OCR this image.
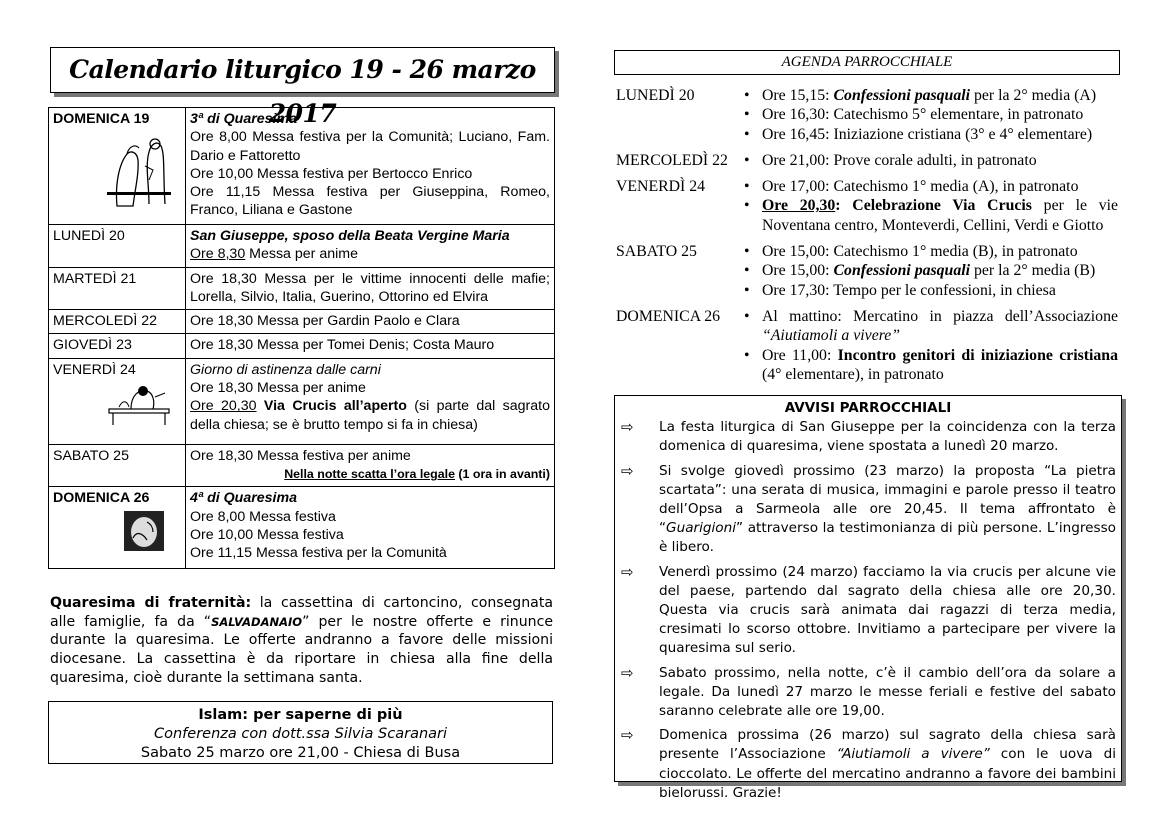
Calendario liturgico 19 - 26 marzo 2017
DOMENICA 19	3ª di Quaresima
Ore 8,00 Messa festiva per la Comunità; Luciano, Fam. Dario e Fattoretto
Ore 10,00 Messa festiva per Bertocco Enrico
Ore 11,15 Messa festiva per Giuseppina, Romeo, Franco, Liliana e Gastone

LUNEDÌ 20	San Giuseppe, sposo della Beata Vergine Maria
Ore 8,30 Messa per anime

MARTEDÌ 21	Ore 18,30 Messa per le vittime innocenti delle mafie; Lorella, Silvio, Italia, Guerino, Ottorino ed Elvira
MERCOLEDÌ 22	Ore 18,30 Messa per Gardin Paolo e Clara
GIOVEDÌ 23	Ore 18,30 Messa per Tomei Denis; Costa Mauro
VENERDÌ 24	Giorno di astinenza dalle carni
Ore 18,30 Messa per anime
Ore 20,30 Via Crucis all’aperto (si parte dal sagrato della chiesa; se è brutto tempo si fa in chiesa)

SABATO 25	Ore 18,30 Messa festiva per anime
Nella notte scatta l’ora legale (1 ora in avanti)

DOMENICA 26	4ª di Quaresima
Ore 8,00 Messa festiva
Ore 10,00 Messa festiva
Ore 11,15 Messa festiva per la Comunità
Quaresima di fraternità: la cassettina di cartoncino, consegnata alle famiglie, fa da “SALVADANAIO” per le nostre offerte e rinunce durante la quaresima. Le offerte andranno a favore delle missioni diocesane. La cassettina è da riportare in chiesa alla fine della quaresima, cioè durante la settimana santa.
Islam: per saperne di più
Conferenza con dott.ssa Silvia Scaranari
Sabato 25 marzo ore 21,00 - Chiesa di Busa
AGENDA PARROCCHIALE
LUNEDÌ 20	• Ore 15,15: Confessioni pasquali per la 2° media (A)
• Ore 16,30: Catechismo 5° elementare, in patronato
• Ore 16,45: Iniziazione cristiana (3° e 4° elementare)
MERCOLEDÌ 22	• Ore 21,00: Prove corale adulti, in patronato
VENERDÌ 24	• Ore 17,00: Catechismo 1° media (A), in patronato
• Ore 20,30: Celebrazione Via Crucis per le vie Noventana centro, Monteverdi, Cellini, Verdi e Giotto
SABATO 25	• Ore 15,00: Catechismo 1° media (B), in patronato
• Ore 15,00: Confessioni pasquali per la 2° media (B)
• Ore 17,30: Tempo per le confessioni, in chiesa
DOMENICA 26	• Al mattino: Mercatino in piazza dell’Associazione “Aiutiamoli a vivere”
• Ore 11,00: Incontro genitori di iniziazione cristiana (4° elementare), in patronato
AVVISI PARROCCHIALI
⇨ La festa liturgica di San Giuseppe per la coincidenza con la terza domenica di quaresima, viene spostata a lunedì 20 marzo.
⇨ Si svolge giovedì prossimo (23 marzo) la proposta “La pietra scartata”: una serata di musica, immagini e parole presso il teatro dell’Opsa a Sarmeola alle ore 20,45. Il tema affrontato è “Guarigioni” attraverso la testimonianza di più persone. L’ingresso è libero.
⇨ Venerdì prossimo (24 marzo) facciamo la via crucis per alcune vie del paese, partendo dal sagrato della chiesa alle ore 20,30. Questa via crucis sarà animata dai ragazzi di terza media, cresimati lo scorso ottobre. Invitiamo a partecipare per vivere la quaresima sul serio.
⇨ Sabato prossimo, nella notte, c’è il cambio dell’ora da solare a legale. Da lunedì 27 marzo le messe feriali e festive del sabato saranno celebrate alle ore 19,00.
⇨ Domenica prossima (26 marzo) sul sagrato della chiesa sarà presente l’Associazione “Aiutiamoli a vivere” con le uova di cioccolato. Le offerte del mercatino andranno a favore dei bambini bielorussi. Grazie!
